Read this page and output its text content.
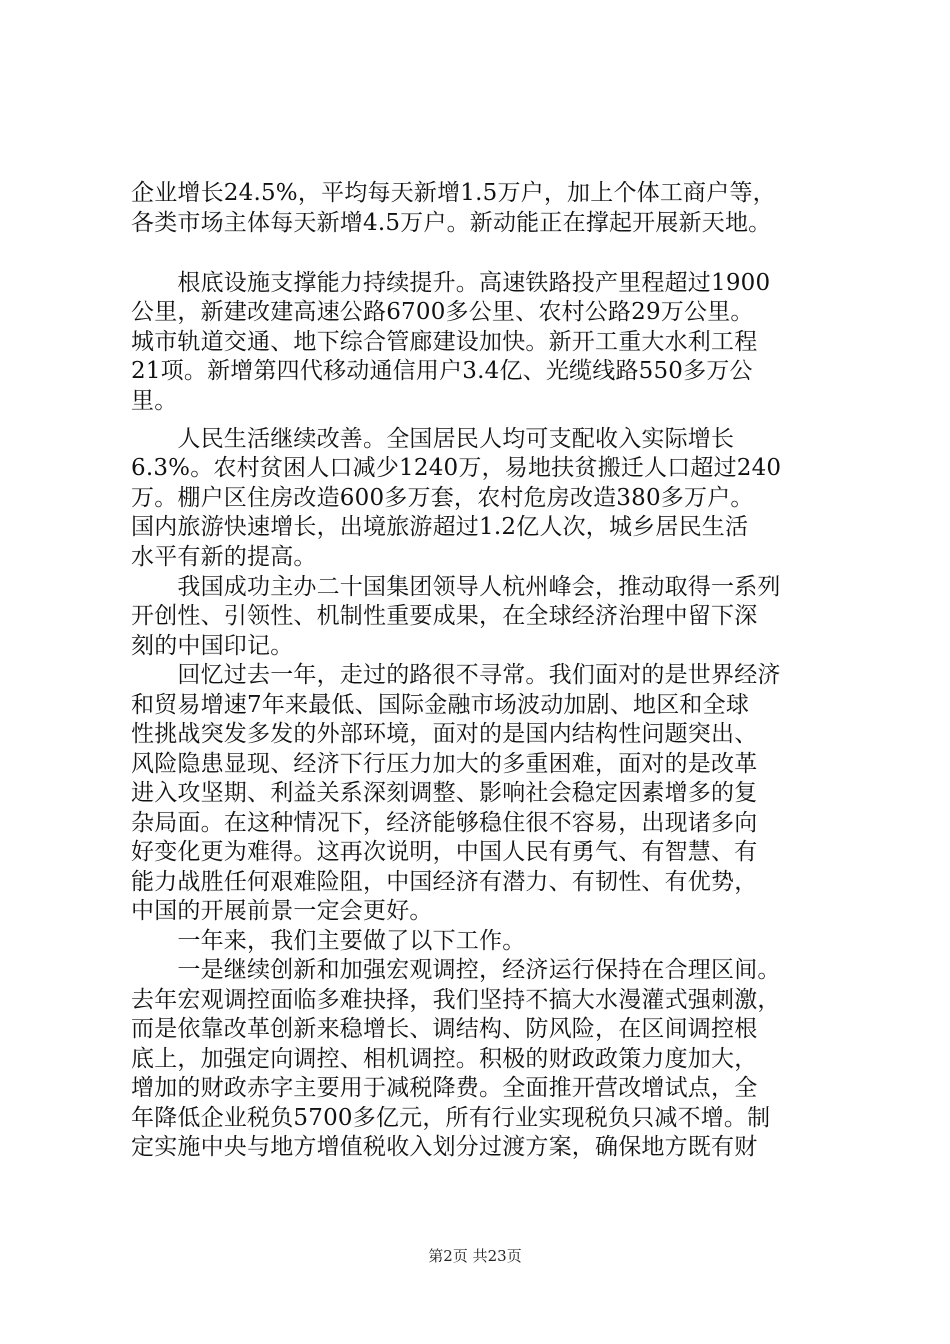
企业增长24.5%，平均每天新增1.5万户，加上个体工商户等，
各类市场主体每天新增4.5万户。新动能正在撑起开展新天地。
　　根底设施支撑能力持续提升。高速铁路投产里程超过1900
公里，新建改建高速公路6700多公里、农村公路29万公里。
城市轨道交通、地下综合管廊建设加快。新开工重大水利工程
21项。新增第四代移动通信用户3.4亿、光缆线路550多万公
里。
　　人民生活继续改善。全国居民人均可支配收入实际增长
6.3%。农村贫困人口减少1240万，易地扶贫搬迁人口超过240
万。棚户区住房改造600多万套，农村危房改造380多万户。
国内旅游快速增长，出境旅游超过1.2亿人次，城乡居民生活
水平有新的提高。
　　我国成功主办二十国集团领导人杭州峰会，推动取得一系列
开创性、引领性、机制性重要成果，在全球经济治理中留下深
刻的中国印记。
　　回忆过去一年，走过的路很不寻常。我们面对的是世界经济
和贸易增速7年来最低、国际金融市场波动加剧、地区和全球
性挑战突发多发的外部环境，面对的是国内结构性问题突出、
风险隐患显现、经济下行压力加大的多重困难，面对的是改革
进入攻坚期、利益关系深刻调整、影响社会稳定因素增多的复
杂局面。在这种情况下，经济能够稳住很不容易，出现诸多向
好变化更为难得。这再次说明，中国人民有勇气、有智慧、有
能力战胜任何艰难险阻，中国经济有潜力、有韧性、有优势，
中国的开展前景一定会更好。
　　一年来，我们主要做了以下工作。
　　一是继续创新和加强宏观调控，经济运行保持在合理区间。
去年宏观调控面临多难抉择，我们坚持不搞大水漫灌式强刺激，
而是依靠改革创新来稳增长、调结构、防风险，在区间调控根
底上，加强定向调控、相机调控。积极的财政政策力度加大，
增加的财政赤字主要用于减税降费。全面推开营改增试点，全
年降低企业税负5700多亿元，所有行业实现税负只减不增。制
定实施中央与地方增值税收入划分过渡方案，确保地方既有财
第2页 共23页
